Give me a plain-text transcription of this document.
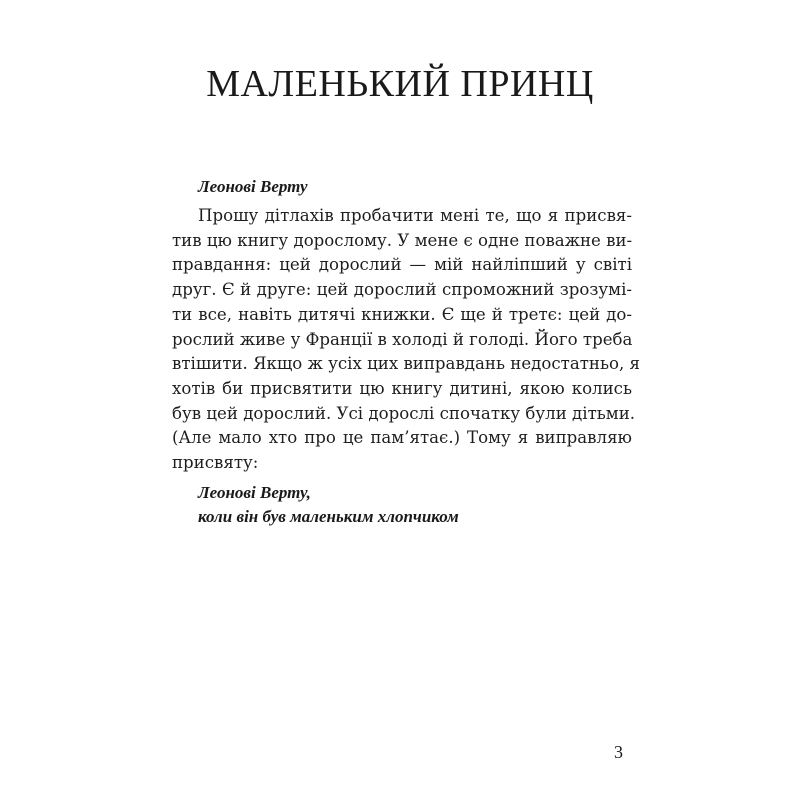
МАЛЕНЬКИЙ ПРИНЦ

Леонові Верту

Прошу дітлахів пробачити мені те, що я присвя-
тив цю книгу дорослому. У мене є одне поважне ви-
правдання: цей дорослий — мій найліпший у світі
друг. Є й друге: цей дорослий спроможний зрозумі-
ти все, навіть дитячі книжки. Є ще й третє: цей до-
рослий живе у Франції в холоді й голоді. Його треба
втішити. Якщо ж усіх цих виправдань недостатньо, я
хотів би присвятити цю книгу дитині, якою колись
був цей дорослий. Усі дорослі спочатку були дітьми.
(Але мало хто про це пам’ятає.) Тому я виправляю
присвяту:
Леонові Верту,
коли він був маленьким хлопчиком

3
